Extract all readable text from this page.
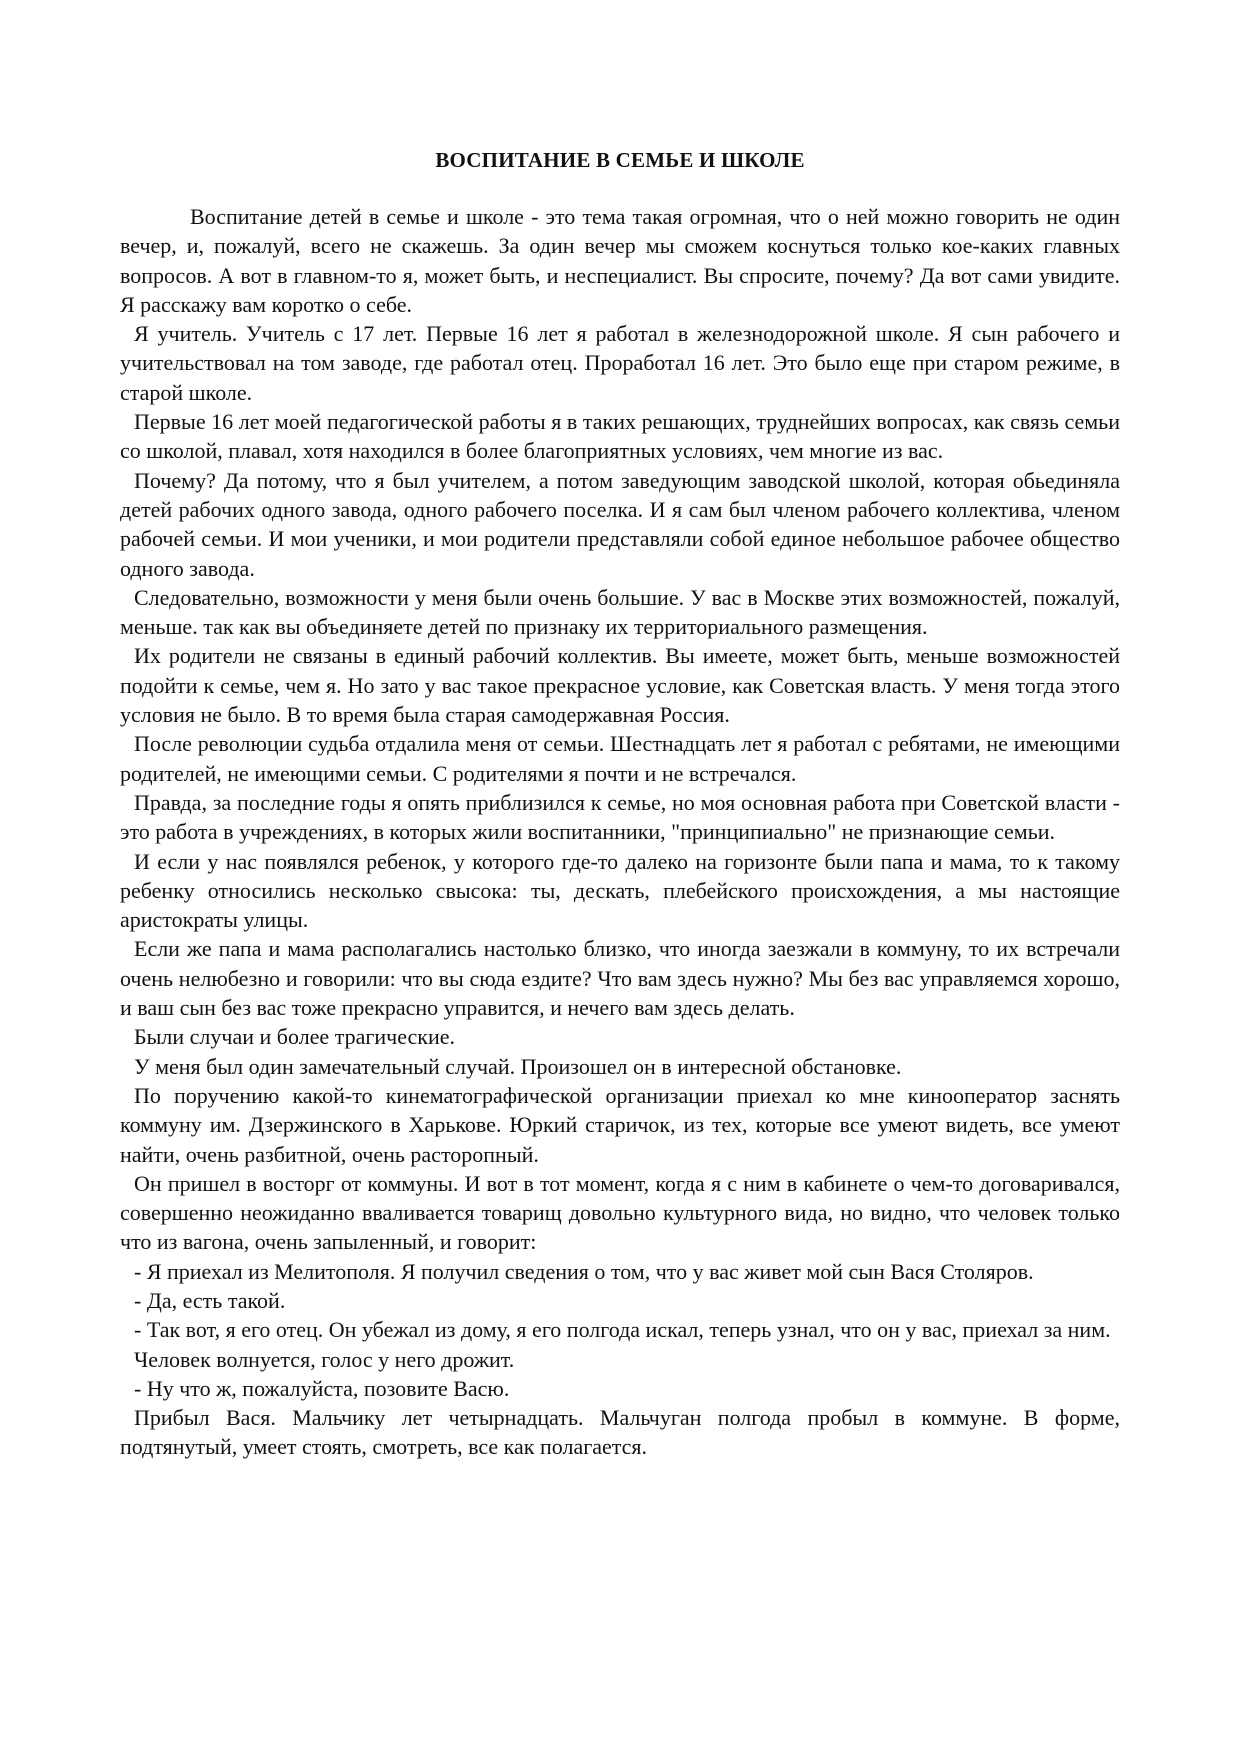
ВОСПИТАНИЕ В СЕМЬЕ И ШКОЛЕ

Воспитание детей в семье и школе - это тема такая огромная, что о ней можно говорить не один вечер, и, пожалуй, всего не скажешь. За один вечер мы сможем коснуться только кое-каких главных вопросов. А вот в главном-то я, может быть, и неспециалист. Вы спросите, почему? Да вот сами увидите. Я расскажу вам коротко о себе.

Я учитель. Учитель с 17 лет. Первые 16 лет я работал в железнодорожной школе. Я сын рабочего и учительствовал на том заводе, где работал отец. Проработал 16 лет. Это было еще при старом режиме, в старой школе.

Первые 16 лет моей педагогической работы я в таких решающих, труднейших вопросах, как связь семьи со школой, плавал, хотя находился в более благоприятных условиях, чем многие из вас.

Почему? Да потому, что я был учителем, а потом заведующим заводской школой, которая обьединяла детей рабочих одного завода, одного рабочего поселка. И я сам был членом рабочего коллектива, членом рабочей семьи. И мои ученики, и мои родители представляли собой единое небольшое рабочее общество одного завода.

Следовательно, возможности у меня были очень большие. У вас в Москве этих возможностей, пожалуй, меньше. так как вы объединяете детей по признаку их территориального размещения.

Их родители не связаны в единый рабочий коллектив. Вы имеете, может быть, меньше возможностей подойти к семье, чем я. Но зато у вас такое прекрасное условие, как Советская власть. У меня тогда этого условия не было. В то время была старая самодержавная Россия.

После революции судьба отдалила меня от семьи. Шестнадцать лет я работал с ребятами, не имеющими родителей, не имеющими семьи. С родителями я почти и не встречался.

Правда, за последние годы я опять приблизился к семье, но моя основная работа при Советской власти - это работа в учреждениях, в которых жили воспитанники, "принципиально" не признающие семьи.

И если у нас появлялся ребенок, у которого где-то далеко на горизонте были папа и мама, то к такому ребенку относились несколько свысока: ты, дескать, плебейского происхождения, а мы настоящие аристократы улицы.

Если же папа и мама располагались настолько близко, что иногда заезжали в коммуну, то их встречали очень нелюбезно и говорили: что вы сюда ездите? Что вам здесь нужно? Мы без вас управляемся хорошо, и ваш сын без вас тоже прекрасно управится, и нечего вам здесь делать.

Были случаи и более трагические.

У меня был один замечательный случай. Произошел он в интересной обстановке.

По поручению какой-то кинематографической организации приехал ко мне кинооператор заснять коммуну им. Дзержинского в Харькове. Юркий старичок, из тех, которые все умеют видеть, все умеют найти, очень разбитной, очень расторопный.

Он пришел в восторг от коммуны. И вот в тот момент, когда я с ним в кабинете о чем-то договаривался, совершенно неожиданно вваливается товарищ довольно культурного вида, но видно, что человек только что из вагона, очень запыленный, и говорит:

- Я приехал из Мелитополя. Я получил сведения о том, что у вас живет мой сын Вася Столяров.

- Да, есть такой.

- Так вот, я его отец. Он убежал из дому, я его полгода искал, теперь узнал, что он у вас, приехал за ним.

Человек волнуется, голос у него дрожит.

- Ну что ж, пожалуйста, позовите Васю.

Прибыл Вася. Мальчику лет четырнадцать. Мальчуган полгода пробыл в коммуне. В форме, подтянутый, умеет стоять, смотреть, все как полагается.
